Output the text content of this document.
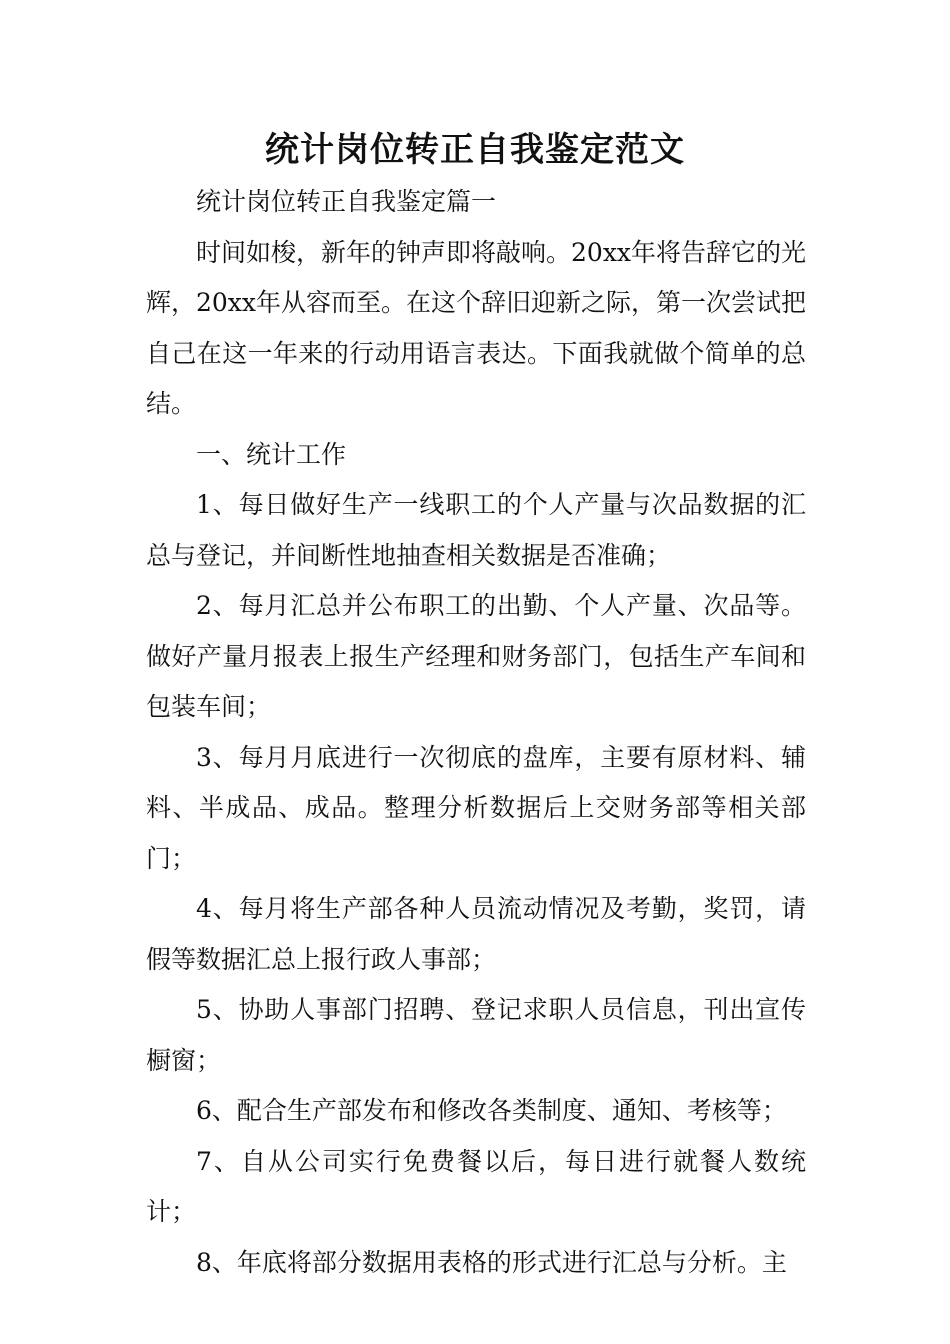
统计岗位转正自我鉴定范文

统计岗位转正自我鉴定篇一

时间如梭，新年的钟声即将敲响。20xx年将告辞它的光辉，20xx年从容而至。在这个辞旧迎新之际，第一次尝试把自己在这一年来的行动用语言表达。下面我就做个简单的总结。

一、统计工作

1、每日做好生产一线职工的个人产量与次品数据的汇总与登记，并间断性地抽查相关数据是否准确；

2、每月汇总并公布职工的出勤、个人产量、次品等。做好产量月报表上报生产经理和财务部门，包括生产车间和包装车间；

3、每月月底进行一次彻底的盘库，主要有原材料、辅料、半成品、成品。整理分析数据后上交财务部等相关部门；

4、每月将生产部各种人员流动情况及考勤，奖罚，请假等数据汇总上报行政人事部；

5、协助人事部门招聘、登记求职人员信息，刊出宣传橱窗；

6、配合生产部发布和修改各类制度、通知、考核等；

7、自从公司实行免费餐以后，每日进行就餐人数统计；

8、年底将部分数据用表格的形式进行汇总与分析。主
